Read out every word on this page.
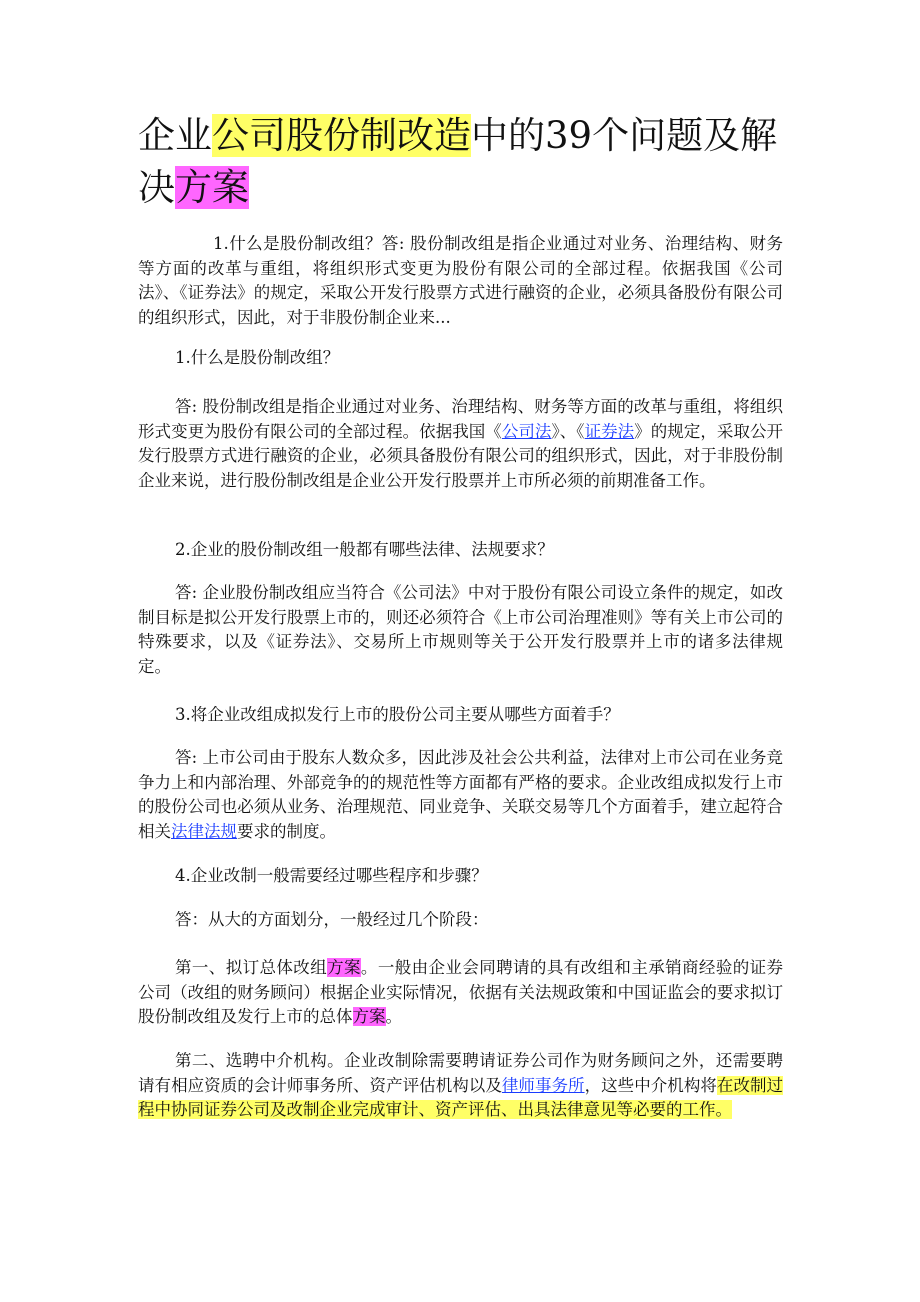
企业公司股份制改造中的39个问题及解决方案

1.什么是股份制改组？答: 股份制改组是指企业通过对业务、治理结构、财务等方面的改革与重组，将组织形式变更为股份有限公司的全部过程。依据我国《公司法》、《证券法》的规定，采取公开发行股票方式进行融资的企业，必须具备股份有限公司的组织形式，因此，对于非股份制企业来...

1.什么是股份制改组？

答: 股份制改组是指企业通过对业务、治理结构、财务等方面的改革与重组，将组织形式变更为股份有限公司的全部过程。依据我国《公司法》、《证券法》的规定，采取公开发行股票方式进行融资的企业，必须具备股份有限公司的组织形式，因此，对于非股份制企业来说，进行股份制改组是企业公开发行股票并上市所必须的前期准备工作。

2.企业的股份制改组一般都有哪些法律、法规要求？

答: 企业股份制改组应当符合《公司法》中对于股份有限公司设立条件的规定，如改制目标是拟公开发行股票上市的，则还必须符合《上市公司治理准则》等有关上市公司的特殊要求，以及《证券法》、交易所上市规则等关于公开发行股票并上市的诸多法律规定。

3.将企业改组成拟发行上市的股份公司主要从哪些方面着手？

答: 上市公司由于股东人数众多，因此涉及社会公共利益，法律对上市公司在业务竞争力上和内部治理、外部竞争的的规范性等方面都有严格的要求。企业改组成拟发行上市的股份公司也必须从业务、治理规范、同业竞争、关联交易等几个方面着手，建立起符合相关法律法规要求的制度。

4.企业改制一般需要经过哪些程序和步骤？

答：从大的方面划分，一般经过几个阶段：

第一、拟订总体改组方案。一般由企业会同聘请的具有改组和主承销商经验的证券公司（改组的财务顾问）根据企业实际情况，依据有关法规政策和中国证监会的要求拟订股份制改组及发行上市的总体方案。

第二、选聘中介机构。企业改制除需要聘请证券公司作为财务顾问之外，还需要聘请有相应资质的会计师事务所、资产评估机构以及律师事务所，这些中介机构将在改制过程中协同证券公司及改制企业完成审计、资产评估、出具法律意见等必要的工作。
